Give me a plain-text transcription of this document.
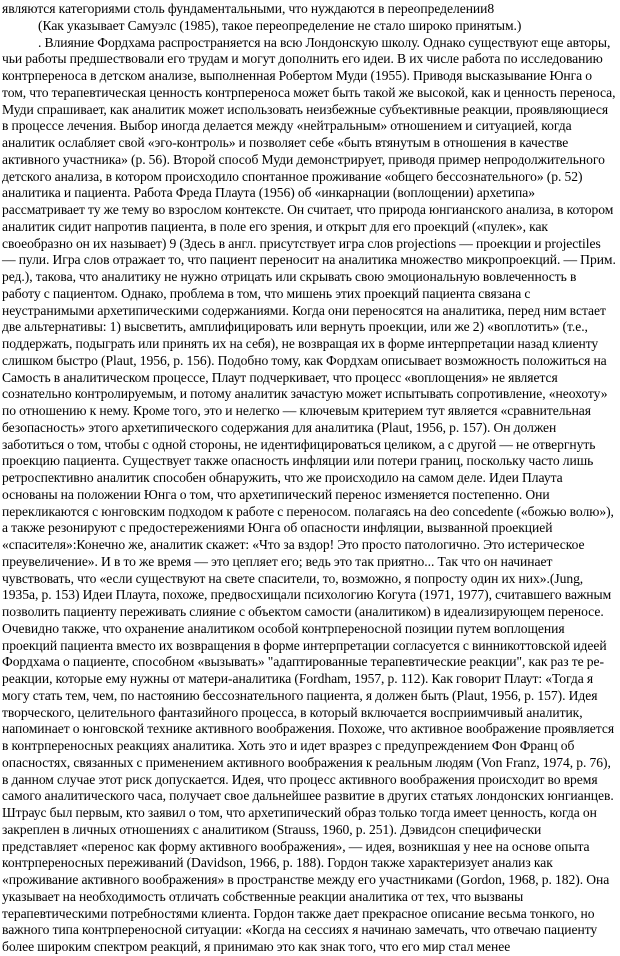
являются категориями столь фундаментальными, что нуждаются в переопределении8

(Как указывает Самуэлс (1985), такое переопределение не стало широко принятым.)

. Влияние Фордхама распространяется на всю Лондонскую школу. Однако существуют еще авторы, чьи работы предшествовали его трудам и могут дополнить его идеи. В их числе работа по исследованию контрпереноса в детском анализе, выполненная Робертом Муди (1955). Приводя высказывание Юнга о том, что терапевтическая ценность контрпереноса может быть такой же высокой, как и ценность переноса, Муди спрашивает, как аналитик может использовать неизбежные субъективные реакции, проявляющиеся в процессе лечения. Выбор иногда делается между «нейтральным» отношением и ситуацией, когда аналитик ослабляет свой «эго-контроль» и позволяет себе «быть втянутым в отношения в качестве активного участника» (p. 56). Второй способ Муди демонстрирует, приводя пример непродолжительного детского анализа, в котором происходило спонтанное проживание «общего бессознательного» (p. 52) аналитика и пациента. Работа Фреда Плаута (1956) об «инкарнации (воплощении) архетипа» рассматривает ту же тему во взрослом контексте. Он считает, что природа юнгианского анализа, в котором аналитик сидит напротив пациента, в поле его зрения, и открыт для его проекций («пулек», как своеобразно он их называет) 9 (Здесь в англ. присутствует игра слов projections — проекции и projectiles — пули. Игра слов отражает то, что пациент переносит на аналитика множество микропроекций. — Прим. ред.), такова, что аналитику не нужно отрицать или скрывать свою эмоциональную вовлеченность в работу с пациентом. Однако, проблема в том, что мишень этих проекций пациента связана с неустранимыми архетипическими содержаниями. Когда они переносятся на аналитика, перед ним встает две альтернативы: 1) высветить, амплифицировать или вернуть проекции, или же 2) «воплотить» (т.е., поддержать, подыграть или принять их на себя), не возвращая их в форме интерпретации назад клиенту слишком быстро (Plaut, 1956, p. 156). Подобно тому, как Фордхам описывает возможность положиться на Самость в аналитическом процессе, Плаут подчеркивает, что процесс «воплощения» не является сознательно контролируемым, и потому аналитик зачастую может испытывать сопротивление, «неохоту» по отношению к нему. Кроме того, это и нелегко — ключевым критерием тут является «сравнительная безопасность» этого архетипического содержания для аналитика (Plaut, 1956, p. 157). Он должен заботиться о том, чтобы с одной стороны, не идентифицироваться целиком, а с другой — не отвергнуть проекцию пациента. Существует также опасность инфляции или потери границ, поскольку часто лишь ретроспективно аналитик способен обнаружить, что же происходило на самом деле. Идеи Плаута основаны на положении Юнга о том, что архетипический перенос изменяется постепенно. Они перекликаются с юнговским подходом к работе с переносом. полагаясь на deo concedente («божью волю»), а также резонируют с предостережениями Юнга об опасности инфляции, вызванной проекцией «спасителя»:Конечно же, аналитик скажет: «Что за вздор! Это просто патологично. Это истерическое преувеличение». И в то же время — это цепляет его; ведь это так приятно... Так что он начинает чувствовать, что «если существуют на свете спасители, то, возможно, я попросту один их них».(Jung, 1935a, p. 153) Идеи Плаута, похоже, предвосхищали психологию Когута (1971, 1977), считавшего важным позволить пациенту переживать слияние с объектом самости (аналитиком) в идеализирующем переносе. Очевидно также, что охранение аналитиком особой контрпереносной позиции путем воплощения проекций пациента вместо их возвращения в форме интерпретации согласуется с винникоттовской идеей Фордхама о пациенте, способном «вызывать» "адаптированные терапевтические реакции", как раз те ре-реакции, которые ему нужны от матери-аналитика (Fordham, 1957, p. 112). Как говорит Плаут: «Тогда я могу стать тем, чем, по настоянию бессознательного пациента, я должен быть (Plaut, 1956, p. 157). Идея творческого, целительного фантазийного процесса, в который включается восприимчивый аналитик, напоминает о юнговской технике активного воображения. Похоже, что активное воображение проявляется в контрпереносных реакциях аналитика. Хоть это и идет вразрез с предупреждением Фон Франц об опасностях, связанных с применением активного воображения к реальным людям (Von Franz, 1974, p. 76), в данном случае этот риск допускается. Идея, что процесс активного воображения происходит во время самого аналитического часа, получает свое дальнейшее развитие в других статьях лондонских юнгианцев. Штраус был первым, кто заявил о том, что архетипический образ только тогда имеет ценность, когда он закреплен в личных отношениях с аналитиком (Strauss, 1960, p. 251). Дэвидсон специфически представляет «перенос как форму активного воображения», — идея, возникшая у нее на основе опыта контрпереносных переживаний (Davidson, 1966, p. 188). Гордон также характеризует анализ как «проживание активного воображения» в пространстве между его участниками (Gordon, 1968, p. 182). Она указывает на необходимость отличать собственные реакции аналитика от тех, что вызваны терапевтическими потребностями клиента. Гордон также дает прекрасное описание весьма тонкого, но важного типа контрпереносной ситуации: «Когда на сессиях я начинаю замечать, что отвечаю пациенту более широким спектром реакций, я принимаю это как знак того, что его мир стал менее
